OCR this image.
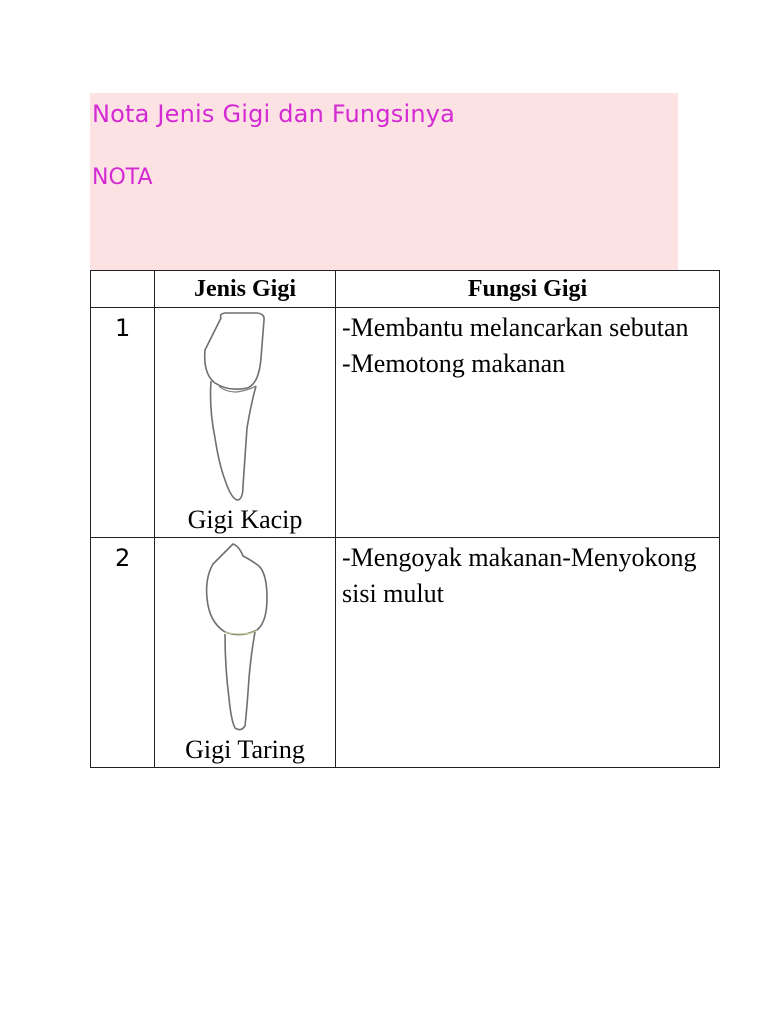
Nota Jenis Gigi dan Fungsinya
NOTA
	Jenis Gigi	Fungsi Gigi

1	Gigi Kacip	-Membantu melancarkan sebutan
-Memotong makanan

2	Gigi Taring	-Mengoyak makanan-Menyokong sisi mulut
